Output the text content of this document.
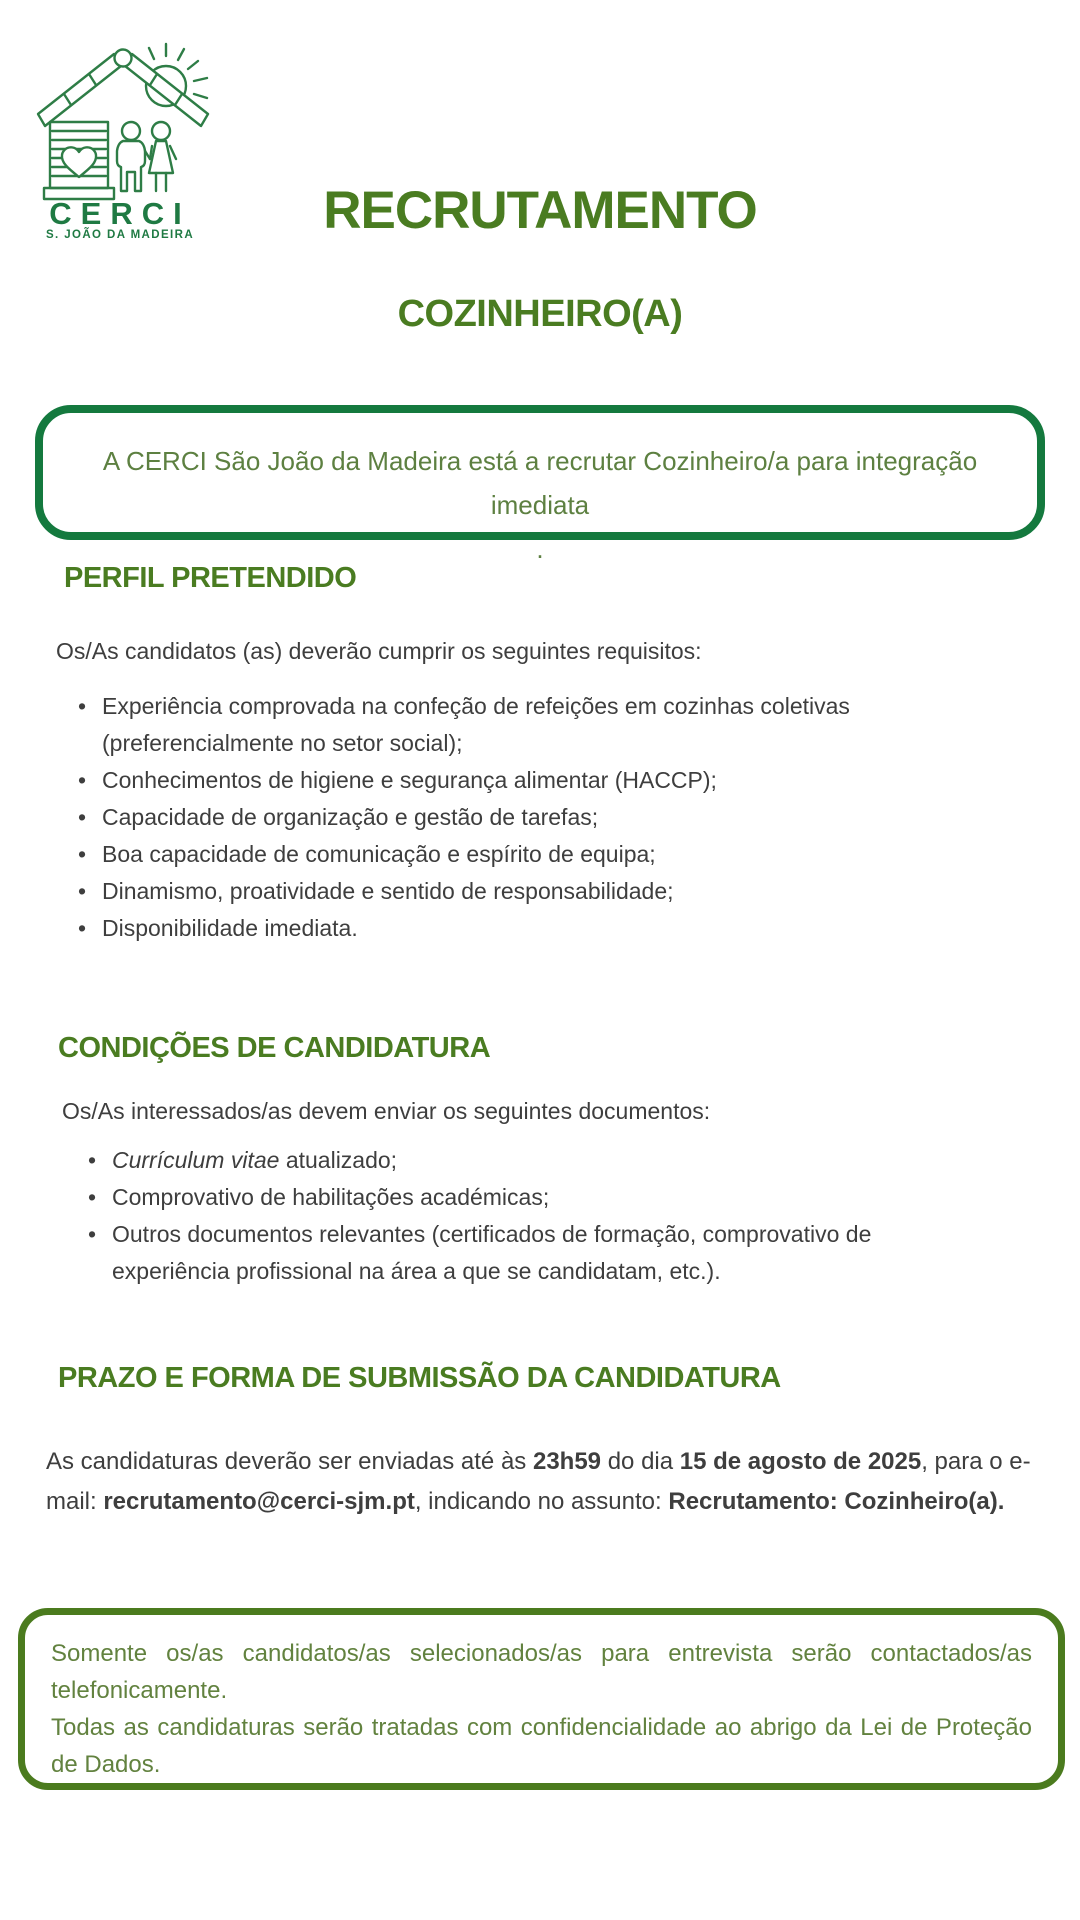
CERCI
S. JOÃO DA MADEIRA	RECRUTAMENTO
COZINHEIRO(A)
A CERCI São João da Madeira está a recrutar Cozinheiro/a para integração imediata
.
PERFIL PRETENDIDO
Os/As candidatos (as) deverão cumprir os seguintes requisitos:
• Experiência comprovada na confeção de refeições em cozinhas coletivas (preferencialmente no setor social);
• Conhecimentos de higiene e segurança alimentar (HACCP);
• Capacidade de organização e gestão de tarefas;
• Boa capacidade de comunicação e espírito de equipa;
• Dinamismo, proatividade e sentido de responsabilidade;
• Disponibilidade imediata.
CONDIÇÕES DE CANDIDATURA
Os/As interessados/as devem enviar os seguintes documentos:
• Currículum vitae atualizado;
• Comprovativo de habilitações académicas;
• Outros documentos relevantes (certificados de formação, comprovativo de experiência profissional na área a que se candidatam, etc.).
PRAZO E FORMA DE SUBMISSÃO DA CANDIDATURA

As candidaturas deverão ser enviadas até às 23h59 do dia 15 de agosto de 2025, para o e-mail: recrutamento@cerci-sjm.pt, indicando no assunto: Recrutamento: Cozinheiro(a).

Somente os/as candidatos/as selecionados/as para entrevista serão contactados/as telefonicamente.

Todas as candidaturas serão tratadas com confidencialidade ao abrigo da Lei de Proteção de Dados.
